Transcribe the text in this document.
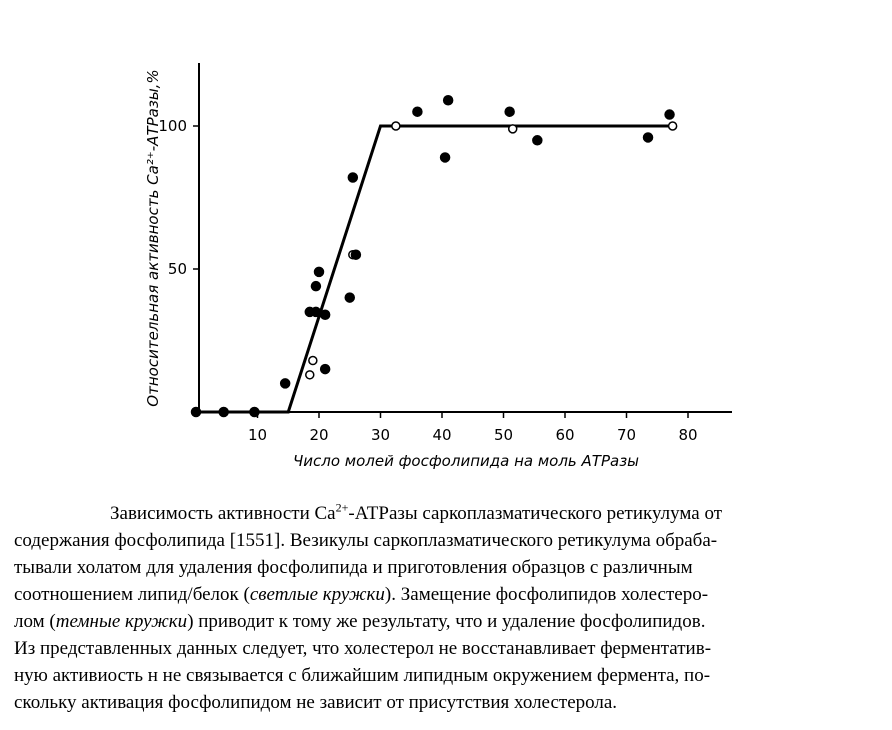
10	20	30	40	50	60	70	80
50
100
Число молей фосфолипида на моль АТРазы
Относительная активность Ca²⁺-АТРазы,%
Зависимость активности $Ca^{2+}$-АТРазы саркоплазматического ретикулума от
содержания фосфолипида [1551]. Везикулы саркоплазматического ретикулума обраба-
тывали холатом для удаления фосфолипида и приготовления образцов с различным
соотношением липид/белок (светлые кружки). Замещение фосфолипидов холестеро-
лом (темные кружки) приводит к тому же результату, что и удаление фосфолипидов.
Из представленных данных следует, что холестерол не восстанавливает ферментатив-
ную активиость н не связывается с ближайшим липидным окружением фермента, по-
скольку активация фосфолипидом не зависит от присутствия холестерола.
